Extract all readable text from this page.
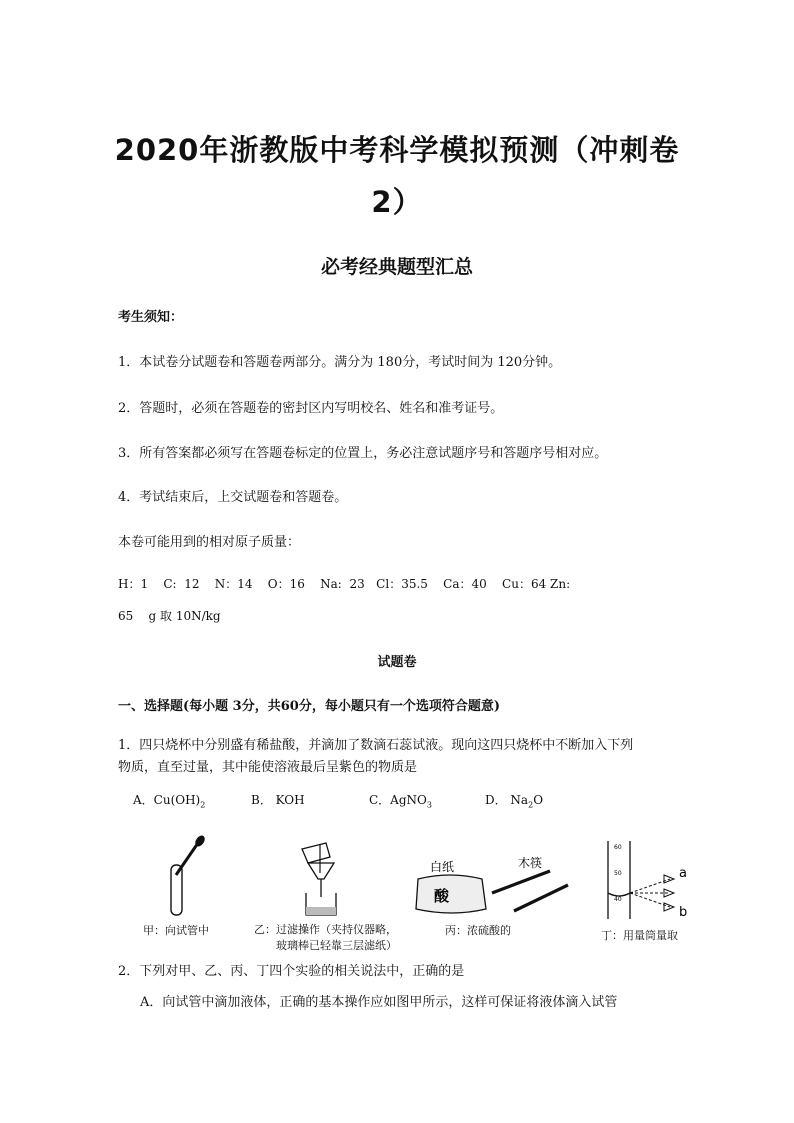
2020年浙教版中考科学模拟预测（冲刺卷
2）
必考经典题型汇总
考生须知：
1．本试卷分试题卷和答题卷两部分。满分为 180分，考试时间为 120分钟。
2．答题时，必须在答题卷的密封区内写明校名、姓名和准考证号。
3．所有答案都必须写在答题卷标定的位置上，务必注意试题序号和答题序号相对应。
4．考试结束后，上交试题卷和答题卷。
本卷可能用到的相对原子质量：
H：1    C:  12    N：14    O：16    Na:  23   Cl：35.5    Ca：40    Cu：64 Zn:
65    g 取 10N/kg
试题卷
一、选择题(每小题 3分，共60分，每小题只有一个选项符合题意)
1．四只烧杯中分别盛有稀盐酸，并滴加了数滴石蕊试液。现向这四只烧杯中不断加入下列
物质，直至过量，其中能使溶液最后呈紫色的物质是
A．$Cu(OH)_2$	B． KOH	C．AgNO$_3$	D． $Na_2O$
白纸
酸
木筷
60
50
40
a
b
甲：向试管中	乙：过滤操作（夹持仪器略，
玻璃棒已轻靠三层滤纸）
丙：浓硫酸的	丁：用量筒量取
2．下列对甲、乙、丙、丁四个实验的相关说法中，正确的是
A．向试管中滴加液体，正确的基本操作应如图甲所示，这样可保证将液体滴入试管
